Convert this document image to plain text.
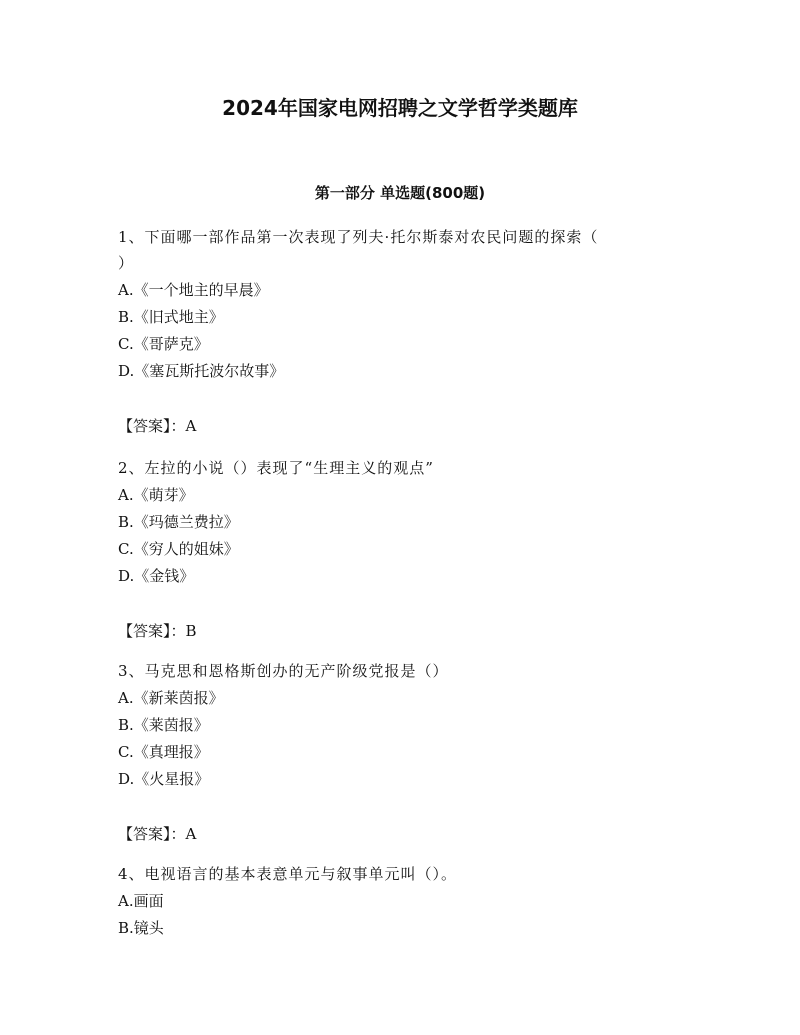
2024年国家电网招聘之文学哲学类题库
第一部分 单选题(800题)
1、下面哪一部作品第一次表现了列夫·托尔斯泰对农民问题的探索（
）
A.《一个地主的早晨》
B.《旧式地主》
C.《哥萨克》
D.《塞瓦斯托波尔故事》
【答案】：A
2、左拉的小说（）表现了“生理主义的观点”
A.《萌芽》
B.《玛德兰费拉》
C.《穷人的姐妹》
D.《金钱》
【答案】：B
3、马克思和恩格斯创办的无产阶级党报是（）
A.《新莱茵报》
B.《莱茵报》
C.《真理报》
D.《火星报》
【答案】：A
4、电视语言的基本表意单元与叙事单元叫（）。
A.画面
B.镜头
